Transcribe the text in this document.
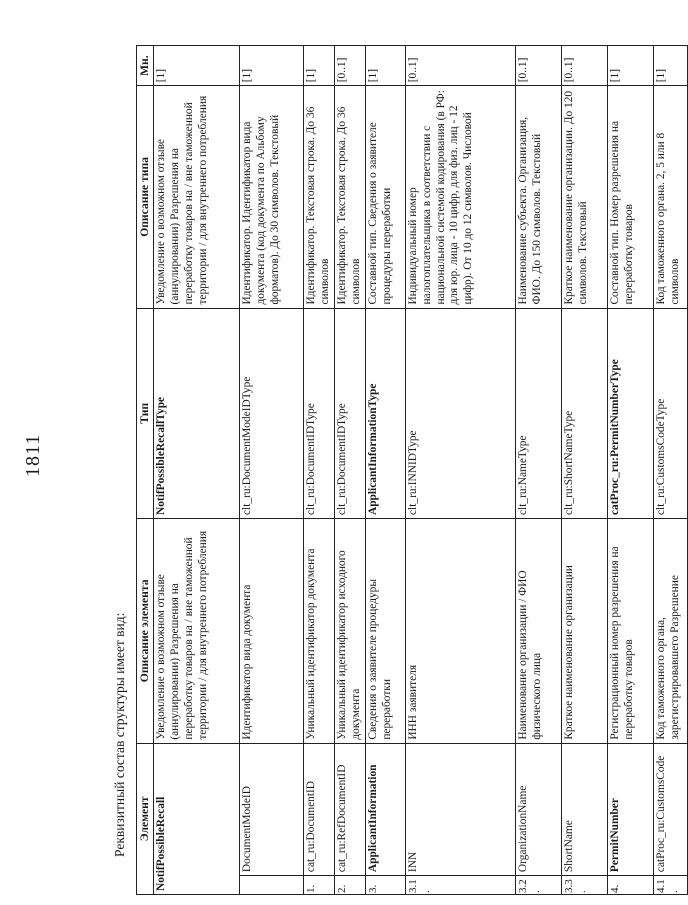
1811
Реквизитный состав структуры имеет вид: Элемент		Описание элемента	Тип	Описание типа	Мн.
NotifPossibleRecall		Уведомление о возможном отзыве (аннулировании) Разрешения на переработку товаров на / вне таможенной территории / для внутреннего потребления	NotifPossibleRecallType	Уведомление о возможном отзыве (аннулировании) Разрешения на переработку товаров на / вне таможенной территории / для внутреннего потребления	[1]
	DocumentModeID	Идентификатор вида документа	clt_ru:DocumentModeIDType	Идентификатор. Идентификатор вида документа (код документа по Альбому форматов). До 30 символов. Текстовый	[1]
1.	cat_ru:DocumentID	Уникальный идентификатор документа	clt_ru:DocumentIDType	Идентификатор. Текстовая строка. До 36 символов	[1]
2.	cat_ru:RefDocumentID	Уникальный идентификатор исходного документа	clt_ru:DocumentIDType	Идентификатор. Текстовая строка. До 36 символов	[0..1]
3.	ApplicantInformation	Сведения о заявителе процедуры переработки	ApplicantInformationType	Составной тип. Сведения о заявителе процедуры переработки	[1]
3.1.	INN	ИНН заявителя	clt_ru:INNIDType	Индивидуальный номер налогоплательщика в соответствии с национальной системой кодирования (в РФ: для юр. лица - 10 цифр, для физ. лиц - 12 цифр). От 10 до 12 символов. Числовой	[0..1]
3.2.	OrganizationName	Наименование организации / ФИО физического лица	clt_ru:NameType	Наименование субъекта. Организация, ФИО. До 150 символов. Текстовый	[0..1]
3.3.	ShortName	Краткое наименование организации	clt_ru:ShortNameType	Краткое наименование организации. До 120 символов. Текстовый	[0..1]
4.	PermitNumber	Регистрационный номер разрешения на переработку товаров	catProc_ru:PermitNumberType	Составной тип. Номер разрешения на переработку товаров	[1]
4.1.	catProc_ru:CustomsCode	Код таможенного органа, зарегистрировавшего Разрешение	clt_ru:CustomsCodeType	Код таможенного органа. 2, 5 или 8 символов	[1]
